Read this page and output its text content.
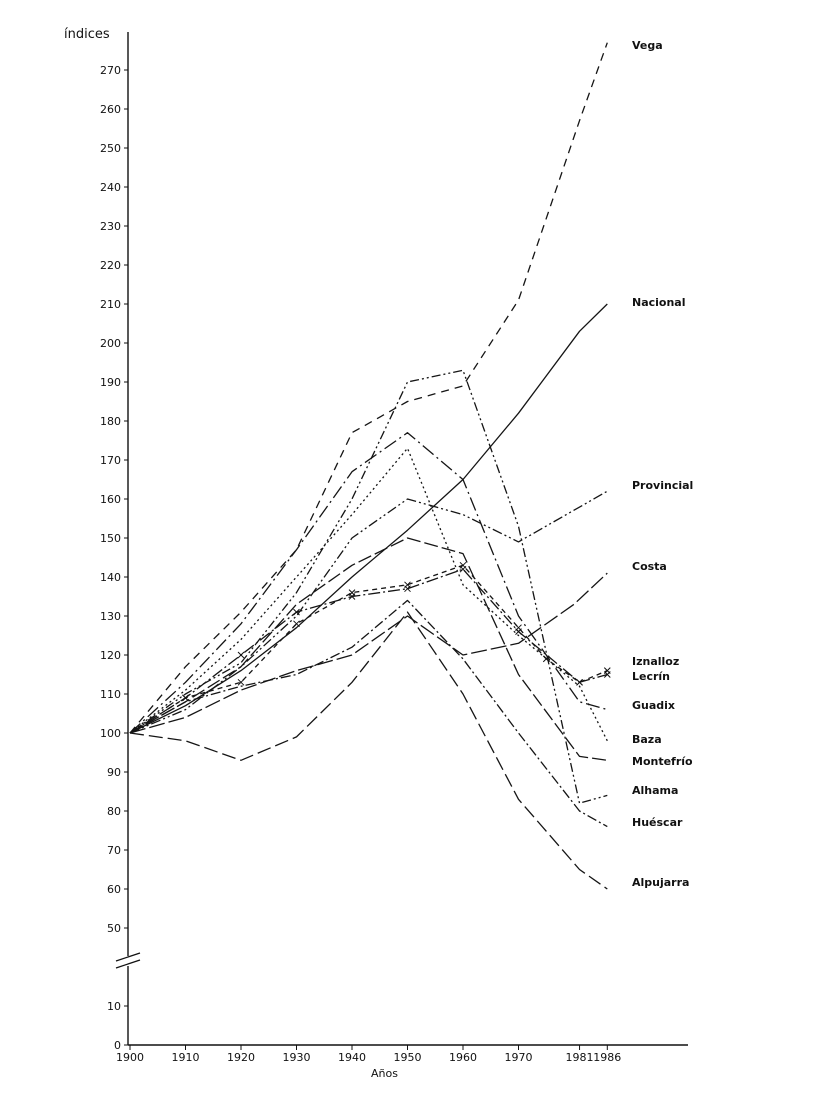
índices
Años
0
10
50
60
70
80
90
100
110
120
130
140
150
160
170
180
190
200
210
220
230
240
250
260
270
1900	1910	1920	1930	1940	1950	1960	1970	1981 1986
Vega
Nacional
Provincial
Costa
Iznalloz
Lecrín
Guadix
Baza
Montefrío
Alhama
Huéscar
Alpujarra
